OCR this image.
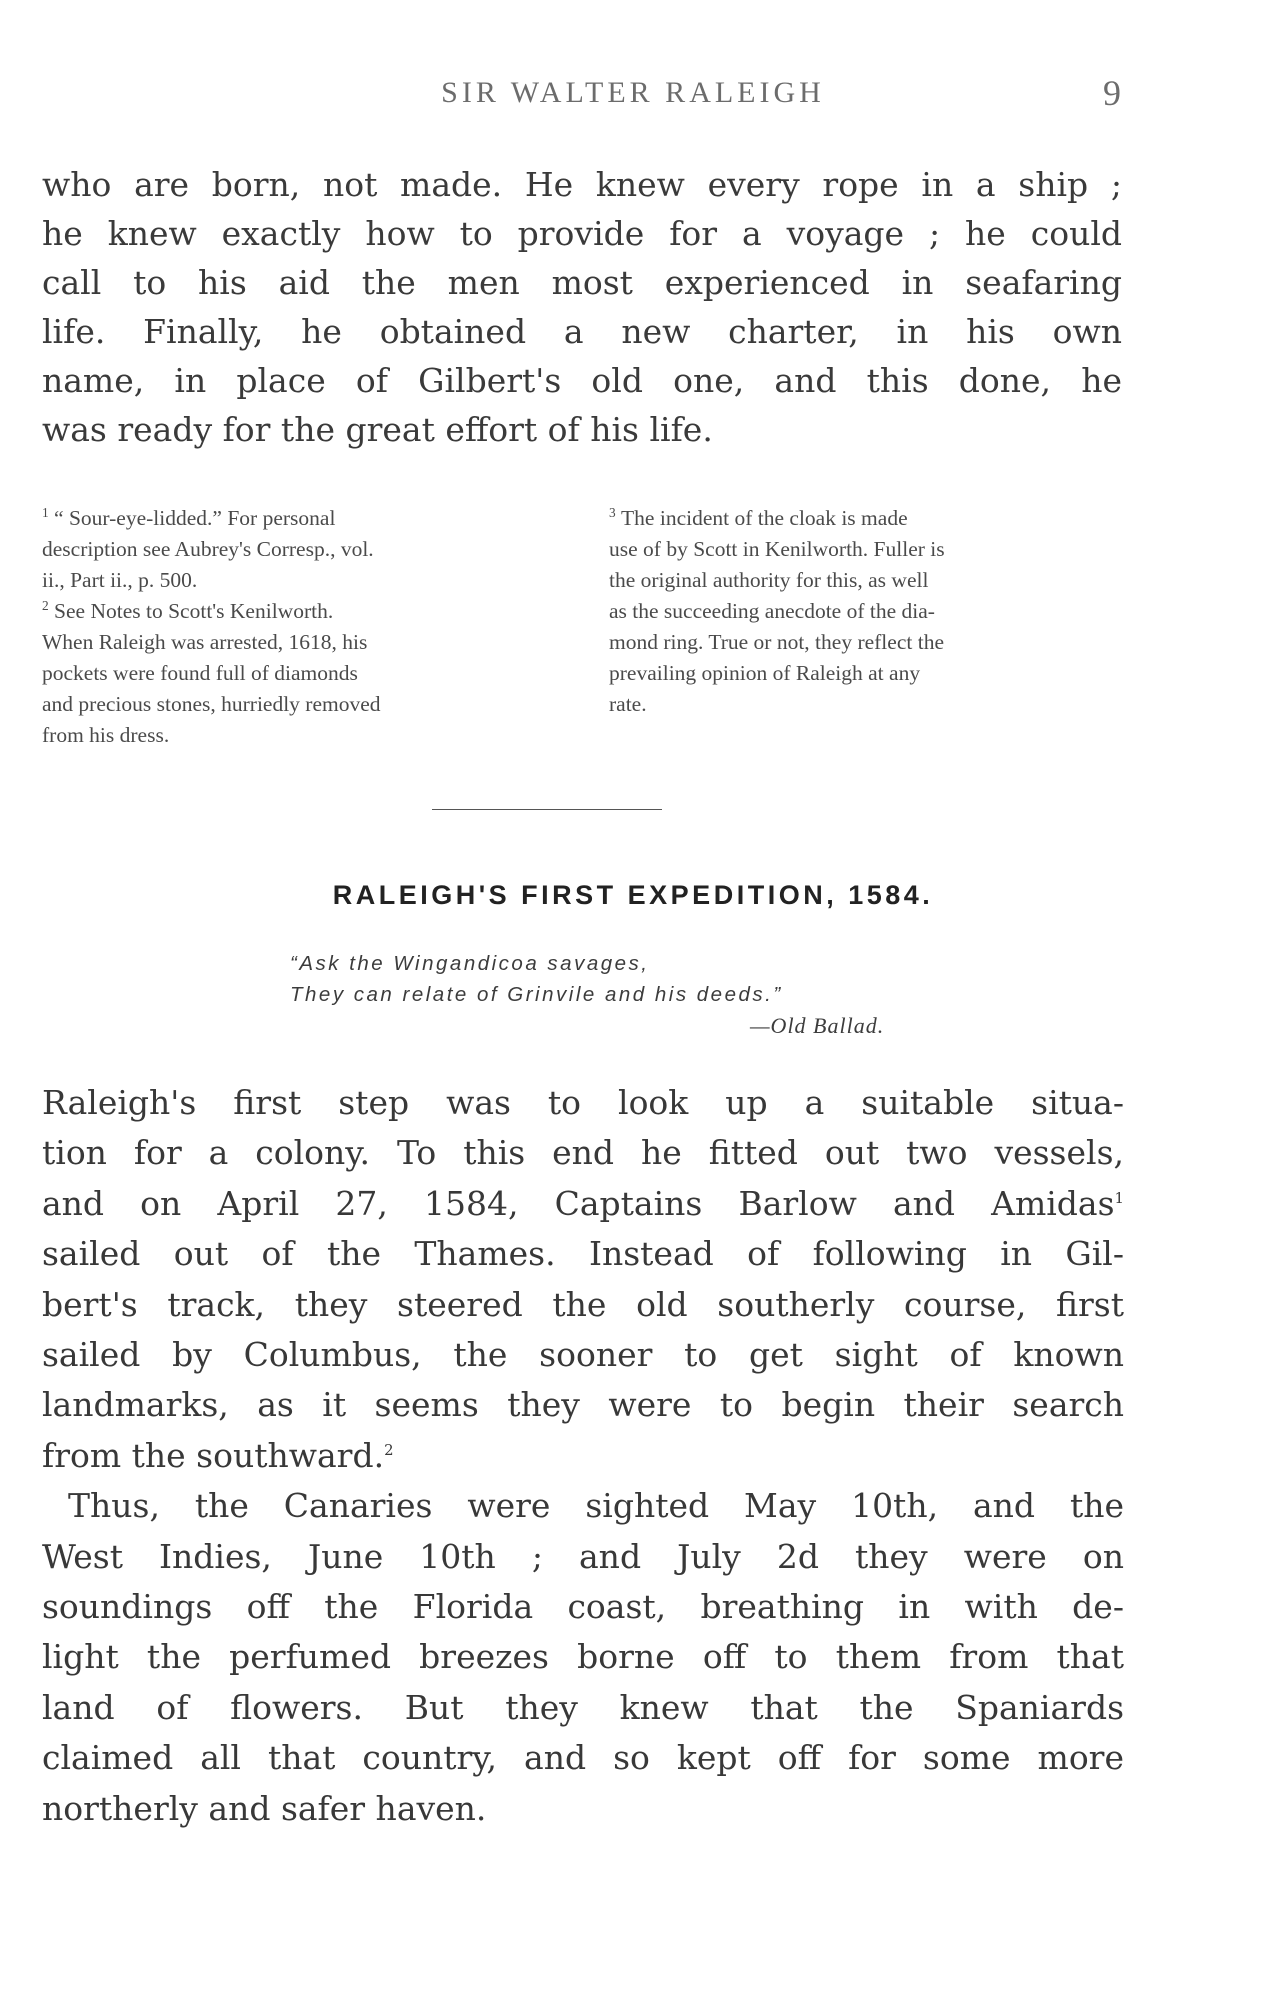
SIR WALTER RALEIGH	9

who are born, not made. He knew every rope in a ship ;
he knew exactly how to provide for a voyage ; he could
call to his aid the men most experienced in seafaring
life. Finally, he obtained a new charter, in his own
name, in place of Gilbert's old one, and this done, he
was ready for the great effort of his life.

$^1$ “ Sour-eye-lidded.” For personal
description see Aubrey's Corresp., vol.
ii., Part ii., p. 500.

$^2$ See Notes to Scott's Kenilworth.
When Raleigh was arrested, 1618, his
pockets were found full of diamonds
and precious stones, hurriedly removed
from his dress.

$^3$ The incident of the cloak is made
use of by Scott in Kenilworth. Fuller is
the original authority for this, as well
as the succeeding anecdote of the dia-
mond ring. True or not, they reflect the
prevailing opinion of Raleigh at any
rate.

RALEIGH'S FIRST EXPEDITION, 1584.
“Ask the Wingandicoa savages,
They can relate of Grinvile and his deeds.”
—Old Ballad.

Raleigh's first step was to look up a suitable situa-
tion for a colony. To this end he fitted out two vessels,
and on April 27, 1584, Captains Barlow and Amidas$^1$
sailed out of the Thames. Instead of following in Gil-
bert's track, they steered the old southerly course, first
sailed by Columbus, the sooner to get sight of known
landmarks, as it seems they were to begin their search
from the southward.$^2$
Thus, the Canaries were sighted May 10th, and the
West Indies, June 10th ; and July 2d they were on
soundings off the Florida coast, breathing in with de-
light the perfumed breezes borne off to them from that
land of flowers. But they knew that the Spaniards
claimed all that country, and so kept off for some more
northerly and safer haven.
